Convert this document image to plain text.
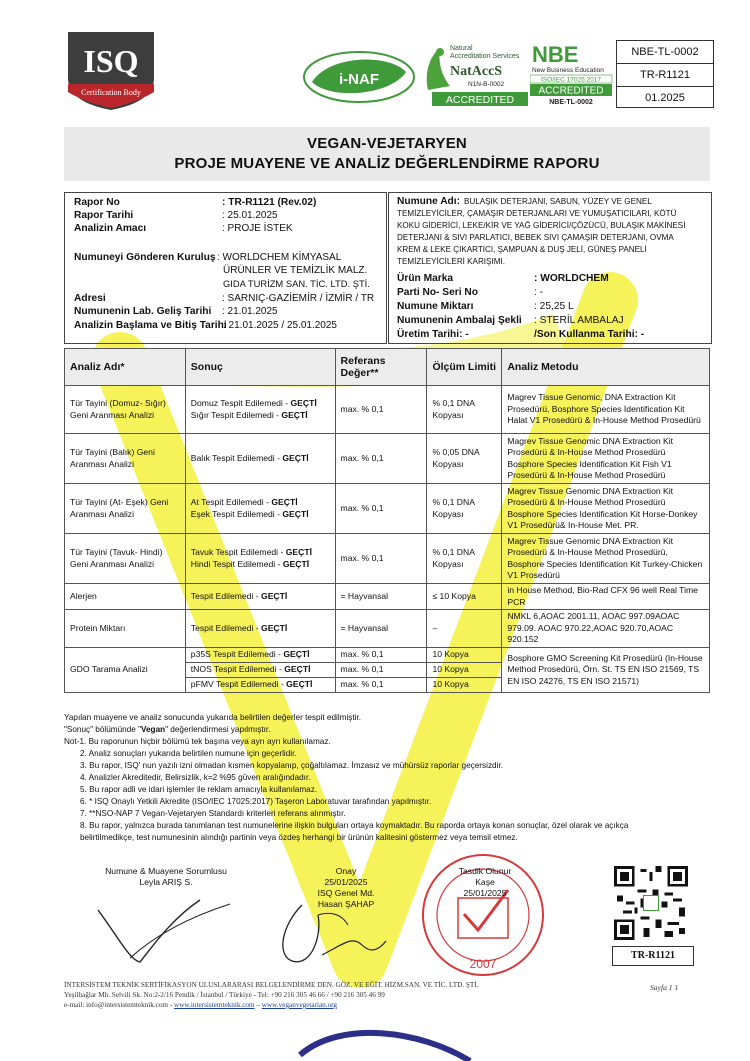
ISQ
Certification Body
i-NAF
Natural
Accreditation Services
NatAccS
N1N-B-0002
ACCREDITED
NBE
New Business Education
ISO/IEC 17025:2017
ACCREDITED
NBE-TL-0002
NBE-TL-0002
TR-R1121
01.2025
VEGAN-VEJETARYEN
PROJE MUAYENE VE ANALİZ DEĞERLENDİRME RAPORU
Rapor No	: TR-R1121 (Rev.02)
Rapor Tarihi	: 25.01.2025
Analizin Amacı	: PROJE İSTEK
Numuneyi Gönderen Kuruluş : WORLDCHEM KİMYASAL
ÜRÜNLER VE TEMİZLİK MALZ.
GIDA TURİZM SAN. TİC. LTD. ŞTİ.
Adresi	: SARNIÇ-GAZİEMİR / İZMİR / TR
Numunenin Lab. Geliş Tarihi : 21.01.2025
Analizin Başlama ve Bitiş Tarihi
: 21.01.2025 / 25.01.2025
Numune Adı: BULAŞIK DETERJANI, SABUN, YÜZEY VE GENEL
TEMİZLEYİCİLER, ÇAMAŞIR DETERJANLARI VE YUMUŞATICILARI, KÖTÜ
KOKU GİDERİCİ, LEKE/KİR VE YAĞ GİDERİCİ/ÇÖZÜCÜ, BULAŞIK MAKİNESİ
DETERJANI & SIVI PARLATICI, BEBEK SIVI ÇAMAŞIR DETERJANI, OVMA
KREM & LEKE ÇIKARTICI, ŞAMPUAN & DUŞ JELİ, GÜNEŞ PANELİ
TEMİZLEYİCİLERİ KARIŞIMI.
Ürün Marka	: WORLDCHEM
Parti No- Seri No	: -
Numune Miktarı	: 25,25 L
Numunenin Ambalaj Şekli : STERİL AMBALAJ
Üretim Tarihi: -	/Son Kullanma Tarihi: -
Analiz Adı*	Sonuç	Referans Değer**	Ölçüm Limiti	Analiz Metodu
Tür Tayini (Domuz- Sığır) Geni Aranması Analizi	Domuz Tespit Edilemedi - GEÇTİ
Sığır Tespit Edilemedi - GEÇTİ	max. % 0,1	% 0,1 DNA Kopyası	Magrev Tissue Genomic, DNA Extraction Kit Prosedürü, Bosphore Species İdentification Kit Halat V1 Prosedürü & In-House Method Prosedürü
Tür Tayini (Balık) Geni Aranması Analizi	Balık Tespit Edilemedi - GEÇTİ	max. % 0,1	% 0,05 DNA Kopyası	Magrev Tissue Genomic DNA Extraction Kit Prosedürü & In-House Method Prosedürü Bosphore Species Identification Kit Fish V1 Prosedürü & In-House Method Prosedürü
Tür Tayini (At- Eşek) Geni Aranması Analizi	At Tespit Edilemedi - GEÇTİ
Eşek Tespit Edilemedi - GEÇTİ	max. % 0,1	% 0,1 DNA Kopyası	Magrev Tissue Genomic DNA Extraction Kit Prosedürü & In-House Method Prosedürü Bosphore Species Identification Kit Horse-Donkey V1 Prosedürü& In-House Met. PR.
Tür Tayini (Tavuk- Hindi) Geni Aranması Analizi	Tavuk Tespit Edilemedi - GEÇTİ
Hindi Tespit Edilemedi - GEÇTİ	max. % 0,1	% 0,1 DNA Kopyası	Magrev Tissue Genomic DNA Extraction Kit Prosedürü & In-House Method Prosedürü, Bosphore Species Identification Kit Turkey-Chicken V1 Prosedürü
Alerjen	Tespit Edilemedi - GEÇTİ	= Hayvansal	≤ 10 Kopya	in House Method, Bio-Rad CFX 96 well Real Time PCR
Protein Miktarı	Tespit Edilemedi - GEÇTİ	= Hayvansal	–	NMKL 6,AOAC 2001.11, AOAC 997.09AOAC 979.09. AOAC 970.22,AOAC 920.70,AOAC 920.152
GDO Tarama Analizi	p35S Tespit Edilemedi - GEÇTİ	max. % 0,1	10 Kopya	Bosphore GMO Screening Kit Prosedürü (In-House Method Prosedürü, Örn. St. TS EN ISO 21569, TS EN ISO 24276, TS EN ISO 21571)
	tNOS Tespit Edilemedi - GEÇTİ	max. % 0,1	10 Kopya	
	pFMV Tespit Edilemedi - GEÇTİ	max. % 0,1	10 Kopya	

Yapılan muayene ve analiz sonucunda yukarıda belirtilen değerler tespit edilmiştir.

"Sonuç" bölümünde "Vegan" değerlendirmesi yapılmıştır.

Not-1. Bu raporunun hiçbir bölümü tek başına veya ayrı ayrı kullanılamaz.

2. Analiz sonuçları yukarıda belirtilen numune için geçerlidir.

3. Bu rapor, ISQ' nun yazılı izni olmadan kısmen kopyalanıp, çoğaltılamaz. İmzasız ve mühürsüz raporlar geçersizdir.

4. Analizler Akreditedir, Belirsizlik, k=2 %95 güven aralığındadır.

5. Bu rapor adli ve idari işlemler ile reklam amacıyla kullanılamaz.

6. * ISQ Onaylı Yetkili Akredite (ISO/IEC 17025:2017) Taşeron Laboratuvar tarafından yapılmıştır.

7. **NSO-NAP 7 Vegan-Vejetaryen Standardı kriterleri referans alınmıştır.

8. Bu rapor, yalnızca burada tanımlanan test numunelerine ilişkin bulguları ortaya koymaktadır. Bu raporda ortaya konan sonuçlar, özel olarak ve açıkça

belirtilmedikçe, test numunesinin alındığı partinin veya özdeş herhangi bir ürünün kalitesini göstermez veya temsil etmez.

Numune & Muayene Sorumlusu
Leyla ARIŞ S.
Onay
25/01/2025
ISQ Genel Md.
Hasan ŞAHAP
2007
Tasdik Olunur
Kaşe
25/01/2025
TR-R1121
İNTERSİSTEM TEKNİK SERTİFİKASYON ULUSLARARASI BELGELENDİRME DEN. GÖZ. VE EĞİT. HİZM.SAN. VE TİC. LTD. ŞTİ.
Yeşilbağlar Mh. Selvili Sk. No:2-2/16 Pendik / İstanbul / Türkiye - Tel: +90 216 305 46 66 / +90 216 305 46 99
e-mail: info@intersistemteknik.com - www.intersistemteknik.com – www.veganvegetarian.org
Sayfa 1 1
